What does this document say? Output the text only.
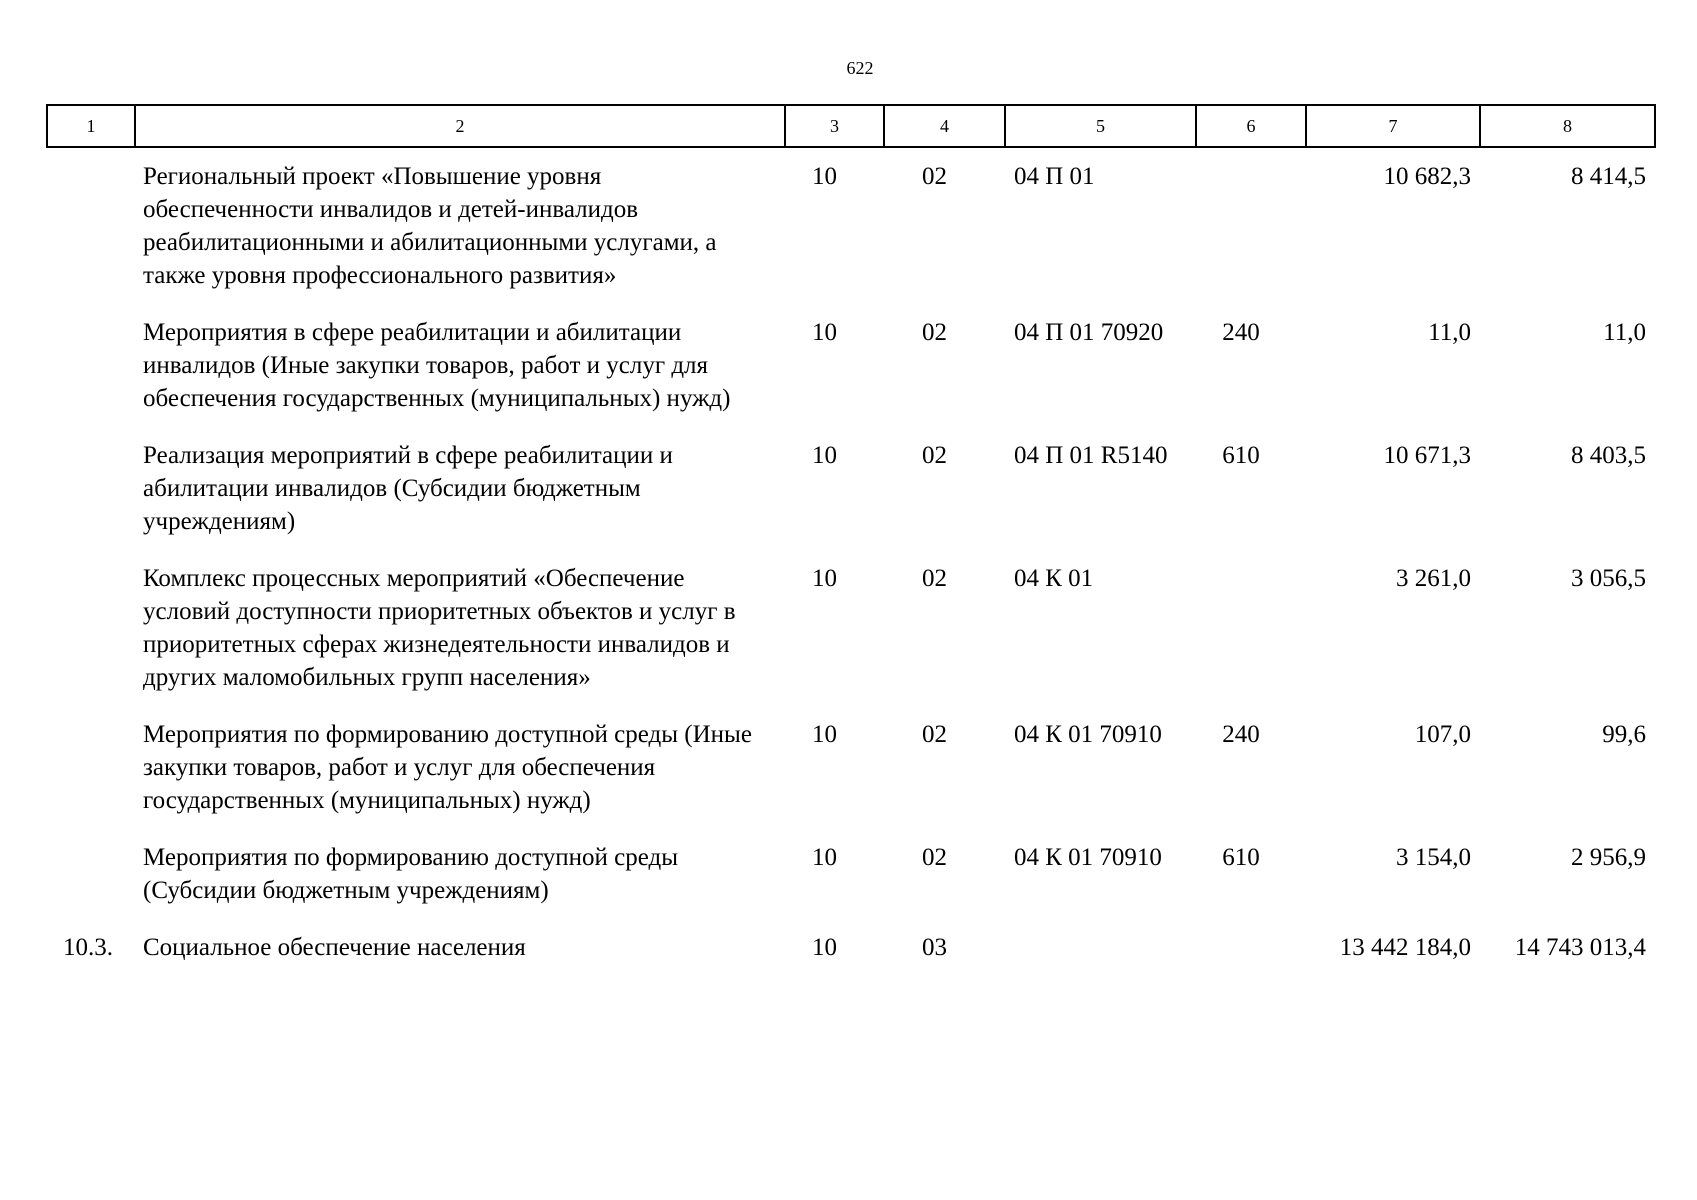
622
1	2	3	4	5	6	7	8
	Региональный проект «Повышение уровня обеспеченности инвалидов и детей-инвалидов реабилитационными и абилитационными услугами, а также уровня профессионального развития»	10	02	04 П 01		10 682,3	8 414,5
	Мероприятия в сфере реабилитации и абилитации инвалидов (Иные закупки товаров, работ и услуг для обеспечения государственных (муниципальных) нужд)	10	02	04 П 01 70920	240	11,0	11,0
	Реализация мероприятий в сфере реабилитации и абилитации инвалидов (Субсидии бюджетным учреждениям)	10	02	04 П 01 R5140	610	10 671,3	8 403,5
	Комплекс процессных мероприятий «Обеспечение условий доступности приоритетных объектов и услуг в приоритетных сферах жизнедеятельности инвалидов и других маломобильных групп населения»	10	02	04 К 01		3 261,0	3 056,5
	Мероприятия по формированию доступной среды (Иные закупки товаров, работ и услуг для обеспечения государственных (муниципальных) нужд)	10	02	04 К 01 70910	240	107,0	99,6
	Мероприятия по формированию доступной среды (Субсидии бюджетным учреждениям)	10	02	04 К 01 70910	610	3 154,0	2 956,9
10.3.	Социальное обеспечение населения	10	03			13 442 184,0	14 743 013,4
